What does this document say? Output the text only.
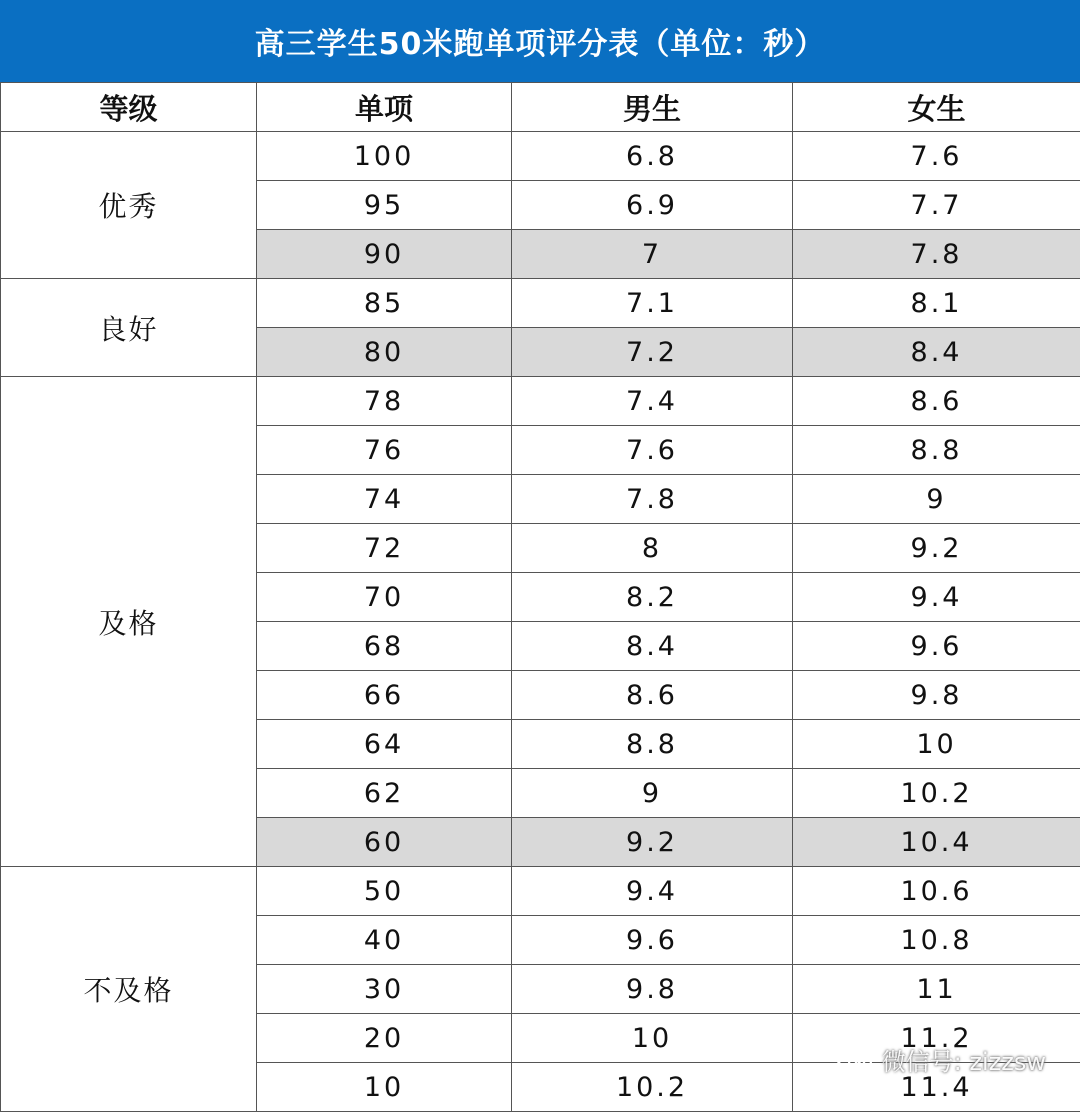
高三学生50米跑单项评分表（单位：秒）
等级	单项	男生	女生
优秀	100	6.8	7.6
	95	6.9	7.7
	90	7	7.8
良好	85	7.1	8.1
	80	7.2	8.4
及格	78	7.4	8.6
	76	7.6	8.8
	74	7.8	9
	72	8	9.2
	70	8.2	9.4
	68	8.4	9.6
	66	8.6	9.8
	64	8.8	10
	62	9	10.2
	60	9.2	10.4
不及格	50	9.4	10.6
	40	9.6	10.8
	30	9.8	11
	20	10	11.2
	10	10.2	11.4
微信号: zizzsw
